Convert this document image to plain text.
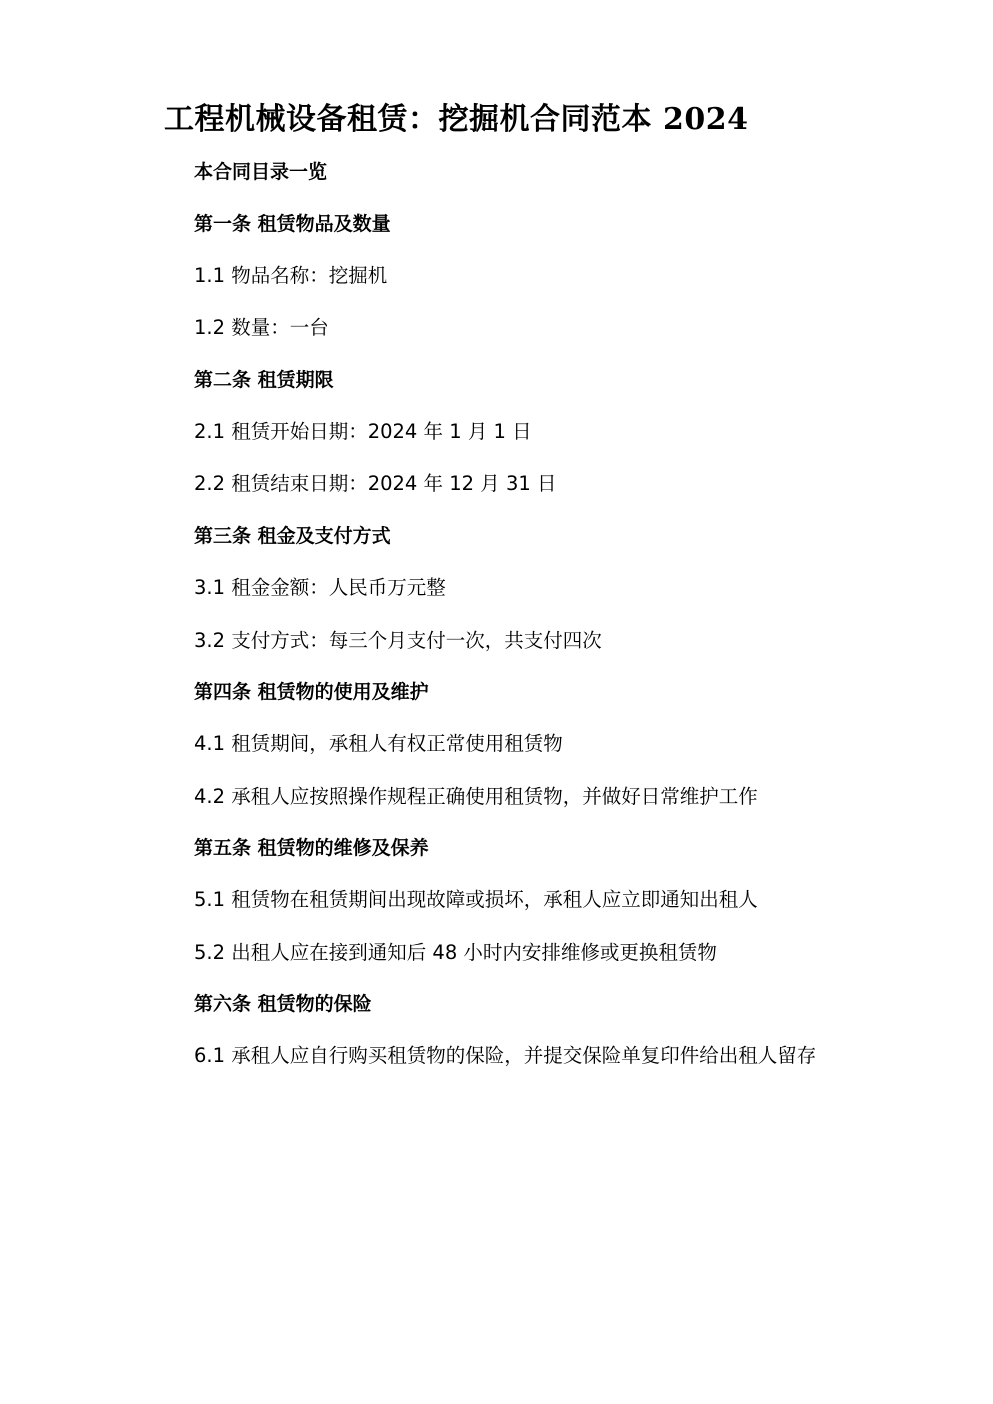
工程机械设备租赁：挖掘机合同范本 2024

本合同目录一览

第一条 租赁物品及数量

1.1 物品名称：挖掘机

1.2 数量：一台

第二条 租赁期限

2.1 租赁开始日期：2024 年 1 月 1 日

2.2 租赁结束日期：2024 年 12 月 31 日

第三条 租金及支付方式

3.1 租金金额：人民币万元整

3.2 支付方式：每三个月支付一次，共支付四次

第四条 租赁物的使用及维护

4.1 租赁期间，承租人有权正常使用租赁物

4.2 承租人应按照操作规程正确使用租赁物，并做好日常维护工作

第五条 租赁物的维修及保养

5.1 租赁物在租赁期间出现故障或损坏，承租人应立即通知出租人

5.2 出租人应在接到通知后 48 小时内安排维修或更换租赁物

第六条 租赁物的保险

6.1 承租人应自行购买租赁物的保险，并提交保险单复印件给出租人留存
